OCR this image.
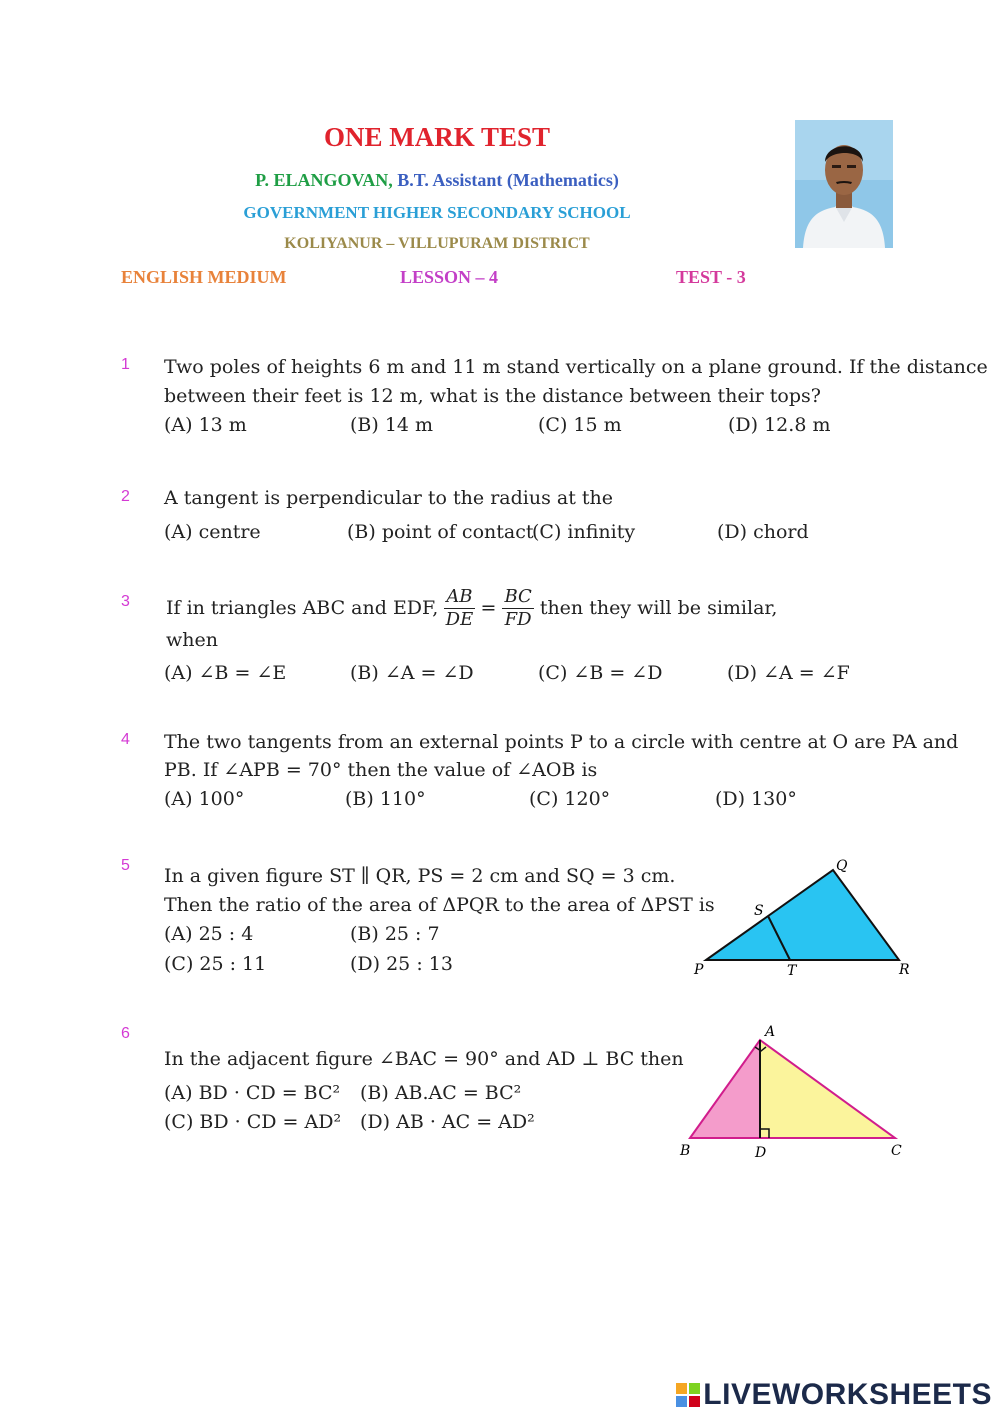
ONE MARK TEST
P. ELANGOVAN, B.T. Assistant (Mathematics)
GOVERNMENT HIGHER SECONDARY SCHOOL
KOLIYANUR – VILLUPURAM DISTRICT
ENGLISH MEDIUM	LESSON – 4	TEST - 3
1 Two poles of heights 6 m and 11 m stand vertically on a plane ground. If the distance
between their feet is 12 m, what is the distance between their tops?
(A) 13 m	(B) 14 m	(C) 15 m	(D) 12.8 m
2 A tangent is perpendicular to the radius at the
(A) centre	(B) point of contact
(C) infinity	(D) chord
3 If in triangles ABC and EDF, $\frac{AB}{DE} = \frac{BC}{FD}$ then they will be similar,
when
(A) ∠B = ∠E	(B) ∠A = ∠D	(C) ∠B = ∠D	(D) ∠A = ∠F
4 The two tangents from an external points P to a circle with centre at O are PA and
PB. If ∠APB = 70° then the value of ∠AOB is
(A) 100°	(B) 110°	(C) 120°	(D) 130°
5 In a given figure ST ∥ QR, PS = 2 cm and SQ = 3 cm.
Then the ratio of the area of ΔPQR to the area of ΔPST is
(A) 25 : 4	(B) 25 : 7
(C) 25 : 11	(D) 25 : 13	P
Q
R
S
T
6
In the adjacent figure ∠BAC = 90° and AD ⊥ BC then
(A) BD · CD = BC² (B) AB.AC = BC²
(C) BD · CD = AD² (D) AB · AC = AD²
A
B	C
D
LIVEWORKSHEETS
